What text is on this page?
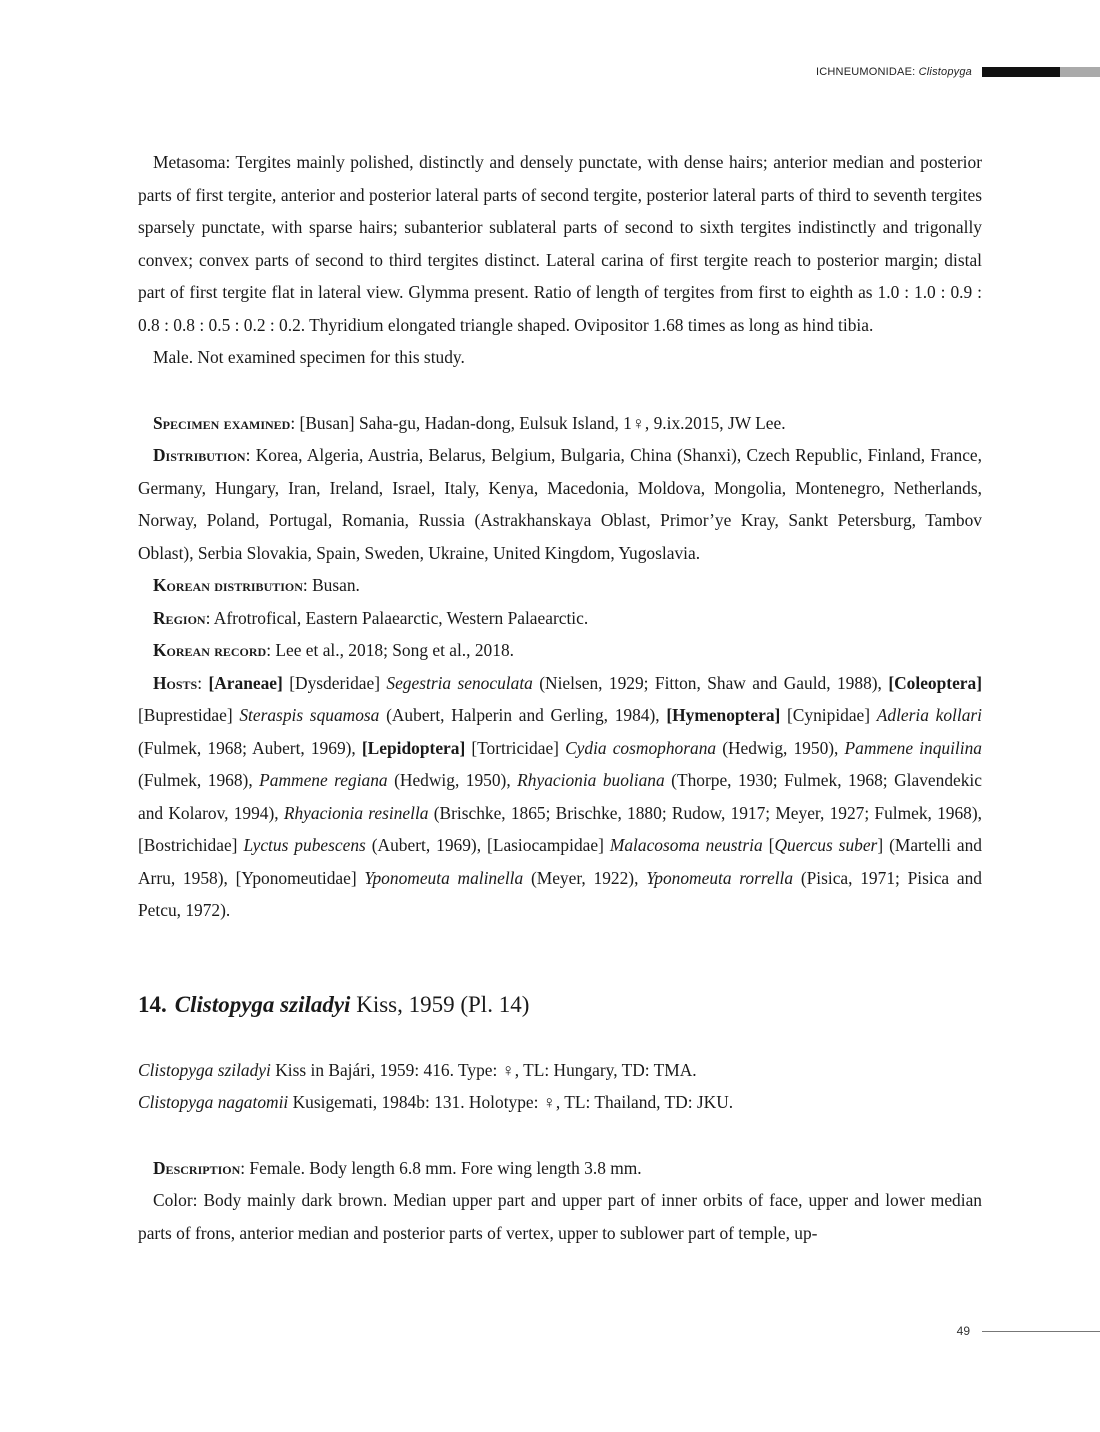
ICHNEUMONIDAE: Clistopyga

Metasoma: Tergites mainly polished, distinctly and densely punctate, with dense hairs; anterior median and posterior parts of first tergite, anterior and posterior lateral parts of second tergite, posterior lateral parts of third to seventh tergites sparsely punctate, with sparse hairs; subanterior sublateral parts of second to sixth tergites indistinctly and trigonally convex; convex parts of second to third tergites distinct. Lateral carina of first tergite reach to posterior margin; distal part of first tergite flat in lateral view. Glymma present. Ratio of length of tergites from first to eighth as 1.0 : 1.0 : 0.9 : 0.8 : 0.8 : 0.5 : 0.2 : 0.2. Thyridium elongated triangle shaped. Ovipositor 1.68 times as long as hind tibia.

Male. Not examined specimen for this study.

Specimen examined: [Busan] Saha-gu, Hadan-dong, Eulsuk Island, 1♀, 9.ix.2015, JW Lee.

Distribution: Korea, Algeria, Austria, Belarus, Belgium, Bulgaria, China (Shanxi), Czech Republic, Finland, France, Germany, Hungary, Iran, Ireland, Israel, Italy, Kenya, Macedonia, Moldova, Mongolia, Montenegro, Netherlands, Norway, Poland, Portugal, Romania, Russia (Astrakhanskaya Oblast, Primor’ye Kray, Sankt Petersburg, Tambov Oblast), Serbia Slovakia, Spain, Sweden, Ukraine, United Kingdom, Yugoslavia.

Korean distribution: Busan.

Region: Afrotrofical, Eastern Palaearctic, Western Palaearctic.

Korean record: Lee et al., 2018; Song et al., 2018.

Hosts: [Araneae] [Dysderidae] Segestria senoculata (Nielsen, 1929; Fitton, Shaw and Gauld, 1988), [Coleoptera] [Buprestidae] Steraspis squamosa (Aubert, Halperin and Gerling, 1984), [Hymenoptera] [Cynipidae] Adleria kollari (Fulmek, 1968; Aubert, 1969), [Lepidoptera] [Tortricidae] Cydia cosmophorana (Hedwig, 1950), Pammene inquilina (Fulmek, 1968), Pammene regiana (Hedwig, 1950), Rhyacionia buoliana (Thorpe, 1930; Fulmek, 1968; Glavendekic and Kolarov, 1994), Rhyacionia resinella (Brischke, 1865; Brischke, 1880; Rudow, 1917; Meyer, 1927; Fulmek, 1968), [Bostrichidae] Lyctus pubescens (Aubert, 1969), [Lasiocampidae] Malacosoma neustria [Quercus suber] (Martelli and Arru, 1958), [Yponomeutidae] Yponomeuta malinella (Meyer, 1922), Yponomeuta rorrella (Pisica, 1971; Pisica and Petcu, 1972).

14. Clistopyga sziladyi Kiss, 1959 (Pl. 14)

Clistopyga sziladyi Kiss in Bajári, 1959: 416. Type: ♀, TL: Hungary, TD: TMA.

Clistopyga nagatomii Kusigemati, 1984b: 131. Holotype: ♀, TL: Thailand, TD: JKU.

Description: Female. Body length 6.8 mm. Fore wing length 3.8 mm.

Color: Body mainly dark brown. Median upper part and upper part of inner orbits of face, upper and lower median parts of frons, anterior median and posterior parts of vertex, upper to sublower part of temple, up-

49
